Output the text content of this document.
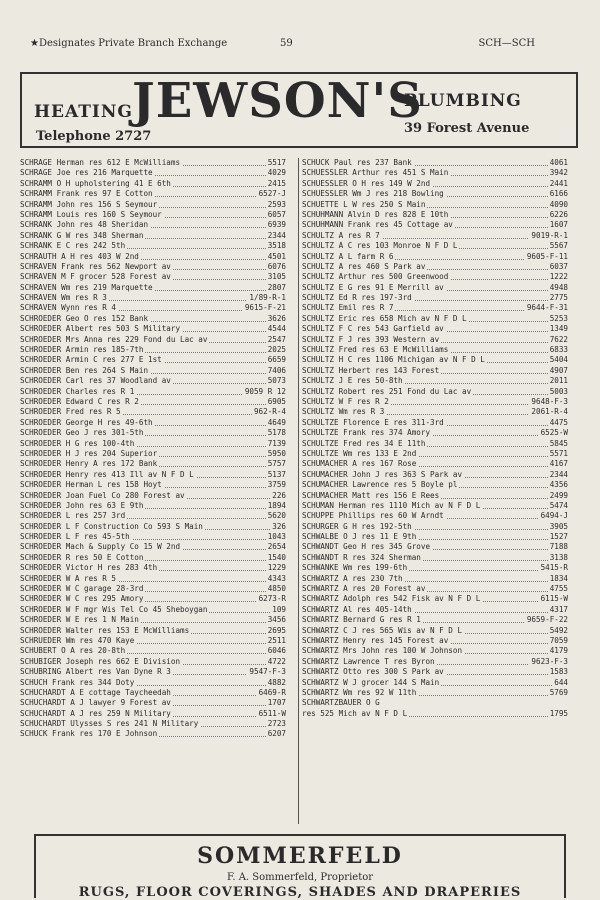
★Designates Private Branch Exchange	59	SCH—SCH
HEATING JEWSON'S
PLUMBING
Telephone 2727
39 Forest Avenue
SCHRAGE Herman res 612 E McWilliams	5517
SCHRAGE Joe res 216 Marquette	4029
SCHRAMM O H upholstering 41 E 6th	2415
SCHRAMM Frank res 97 E Cotton	6527-J
SCHRAMM John res 156 S Seymour	2593
SCHRAMM Louis res 160 S Seymour	6057
SCHRANK John res 48 Sheridan	6939
SCHRANK G W res 348 Sherman	2344
SCHRANK E C res 242 5th	3518
SCHRAUTH A H res 403 W 2nd	4501
SCHRAVEN Frank res 562 Newport av	6076
SCHRAVEN M F grocer 528 Forest av	3105
SCHRAVEN Wm res 219 Marquette	2807
SCHRAVEN Wm res R 3	1/89-R-1
SCHRAVEN Wynn res R 4	9615-F-21
SCHROEDER Geo O res 152 Bank	3626
SCHROEDER Albert res 503 S Military	4544
SCHROEDER Mrs Anna res 229 Fond du Lac av	2547
SCHROEDER Armin res 185-7th	2025
SCHROEDER Armin C res 277 E 1st	6659
SCHROEDER Ben res 264 S Main	7406
SCHROEDER Carl res 37 Woodland av	5073
SCHROEDER Charles res R 1	9059 R 12
SCHROEDER Edward C res R 2	6905
SCHROEDER Fred res R 5	962-R-4
SCHROEDER George H res 49-6th	4649
SCHROEDER Geo J res 301-5th	5178
SCHROEDER H G res 100-4th	7139
SCHROEDER H J res 204 Superior	5950
SCHROEDER Henry A res 172 Bank	5757
SCHROEDER Henry res 413 Ill av N F D L	5137
SCHROEDER Herman L res 158 Hoyt	3759
SCHROEDER Joan Fuel Co 280 Forest av	226
SCHROEDER John res 63 E 9th	1894
SCHROEDER L res 257 3rd	5620
SCHROEDER L F Construction Co 593 S Main	326
SCHROEDER L F res 45-5th	1043
SCHROEDER Mach & Supply Co 15 W 2nd	2654
SCHROEDER R res 50 E Cotton	1540
SCHROEDER Victor H res 283 4th	1229
SCHROEDER W A res R 5	4343
SCHROEDER W C garage 28-3rd	4850
SCHROEDER W C res 295 Amory	6273-R
SCHROEDER W F mgr Wis Tel Co 45 Sheboygan	109
SCHROEDER W E res 1 N Main	3456
SCHROEDER Walter res 153 E McWilliams	2695
SCHRUEDER Wm res 470 Kaye	2511
SCHUBERT O A res 20-8th	6046
SCHUBIGER Joseph res 662 E Division	4722
SCHUBRING Albert res Van Dyne R 3	9547-F-3
SCHUCH Frank res 344 Doty	4882
SCHUCHARDT A E cottage Taycheedah	6469-R
SCHUCHARDT A J lawyer 9 Forest av	1707
SCHUCHARDT A J res 259 N Military	6511-W
SCHUCHARDT Ulysses S res 241 N Military	2723
SCHUCK Frank res 170 E Johnson	6207
SCHUCK Paul res 237 Bank	4061
SCHUESSLER Arthur res 451 S Main	3942
SCHUESSLER O H res 149 W 2nd	2441
SCHUESSLER Wm J res 218 Bowling	6166
SCHUETTE L W res 250 S Main	4090
SCHUHMANN Alvin D res 828 E 10th	6226
SCHUHMANN Frank res 45 Cottage av	1607
SCHULTZ A res R 7	9019-R-1
SCHULTZ A C res 103 Monroe N F D L	5567
SCHULTZ A L farm R 6	9605-F-11
SCHULTZ A res 460 S Park av	6037
SCHULTZ Arthur res 500 Greenwood	1222
SCHULTZ E G res 91 E Merrill av	4948
SCHULTZ Ed R res 197-3rd	2775
SCHULTZ Emil res R 7	9644-F-31
SCHULTZ Eric res 658 Mich av N F D L	5253
SCHULTZ F C res 543 Garfield av	1349
SCHULTZ F J res 393 Western av	7622
SCHULTZ Fred res 63 E McWilliams	6833
SCHULTZ H C res 1106 Michigan av N F D L	5404
SCHULTZ Herbert res 143 Forest	4907
SCHULTZ J E res 50-8th	2011
SCHULTZ Robert res 251 Fond du Lac av	5003
SCHULTZ W F res R 2	9648-F-3
SCHULTZ Wm res R 3	2061-R-4
SCHULTZE Florence E res 311-3rd	4475
SCHULTZE Frank res 374 Amory	6525-W
SCHULTZE Fred res 34 E 11th	5845
SCHULTZE Wm res 133 E 2nd	5571
SCHUMACHER A res 167 Rose	4167
SCHUMACHER John J res 363 S Park av	2344
SCHUMACHER Lawrence res 5 Boyle pl	4356
SCHUMACHER Matt res 156 E Rees	2499
SCHUMAN Herman res 1110 Mich av N F D L	5474
SCHUPPE Phillips res 60 W Arndt	6494-J
SCHURGER G H res 192-5th	3905
SCHWALBE O J res 11 E 9th	1527
SCHWANDT Geo H res 345 Grove	7188
SCHWANDT R res 324 Sherman	3138
SCHWANKE Wm res 199-6th	5415-R
SCHWARTZ A res 230 7th	1834
SCHWARTZ A res 20 Forest av	4755
SCHWARTZ Adolph res 542 Fisk av N F D L	6115-W
SCHWARTZ Al res 405-14th	4317
SCHWARTZ Bernard G res R 1	9659-F-22
SCHWARTZ C J res 565 Wis av N F D L	5492
SCHWARTZ Henry res 145 Forest av	7059
SCHWARTZ Mrs John res 100 W Johnson	4179
SCHWARTZ Lawrence T res Byron	9623-F-3
SCHWARTZ Otto res 300 S Park av	1583
SCHWARTZ W J grocer 144 S Main	644
SCHWARTZ Wm res 92 W 11th	5769
SCHWARTZBAUER O G
res 525 Mich av N F D L	1795
SOMMERFELD
F. A. Sommerfeld, Proprietor
RUGS, FLOOR COVERINGS, SHADES AND DRAPERIES
